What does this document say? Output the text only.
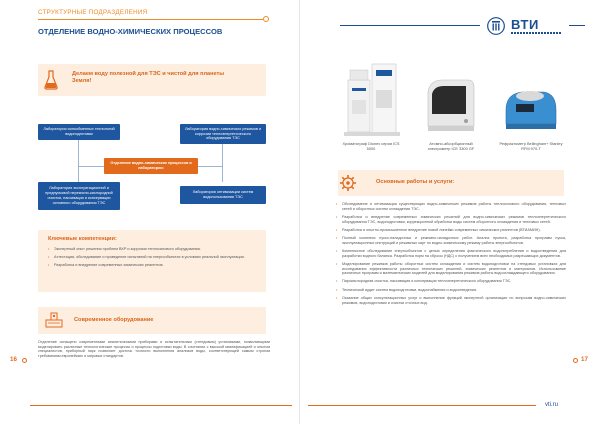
СТРУКТУРНЫЕ ПОДРАЗДЕЛЕНИЯ
ОТДЕЛЕНИЕ ВОДНО-ХИМИЧЕСКИХ ПРОЦЕССОВ
Делаем воду полезной для ТЭС и чистой для планеты Земля!
Лаборатория ионообменных технологий водоподготовки
Лаборатория водно-химических режимов и коррозии теплоэнергетического оборудования ТЭС
Отделение водно-химических процессов и лаборатории:
Лаборатория эксплуатационной и предпусковой перекисно-кислородной очистки, пассивации и консервации основного оборудования ТЭС
Лаборатория оптимизации систем водопользования ТЭС
Ключевые компетенции:
• Экспертный опыт решения проблем ВХР и коррозии теплосилового оборудования.
• Аттестация, обследование и проведение испытаний на энергообъектах в условиях реальной эксплуатации.
• Разработка и внедрение современных химических реагентов.
Современное оборудование
Отделение оснащено современными аналитическими приборами и испытательным (стендовым) установками, позволяющими моделировать различные технологические процессы и процессы подготовки воды. В сочетании с высокой квалификацией и опытом специалистов, приборный парк позволяет достичь точности выполнения анализов воды, соответствующей самым строгим требованиям европейских и мировых стандартов.
16
ВТИ
Хроматограф Dionex серии ICS 5000
Атомно-абсорбционный спектрометр ICE 3300 GF
Рефрактометр Bellingham+ Stanley RFM 970-T
Основные работы и услуги:
• Обследование и оптимизация существующих водно-химических режимов работы теплосилового оборудования, тепловых сетей и оборотных систем охлаждения ТЭС.
• Разработка и внедрение современных химических решений для водно-химических режимов теплоэнергетического оборудования ТЭС, водоподготовки, коррекционной обработки воды систем оборотного охлаждения и тепловых сетей.
• Разработка и опытно-промышленное внедрение новой линейки современных химических реагентов (ВТИАМИН).
• Полный комплекс пуско-наладочных и режимно-наладочных работ. Анализ проекта, разработка программ пуска, эксплуатационных инструкций и режимных карт по водно-химическому режиму работы энергообъектов.
• Комплексное обследование энергообъектов с целью определения фактического водопотребления и водоотведения для разработки водного баланса. Разработка норм на сбросы (НДС) с получением всех необходимых разрешающих документов.
• Моделирование режимов работы оборотных систем охлаждения и систем водоподготовки на стендовых установках для исследования эффективности различных технических решений, химических реагентов и материалов. Использование различных программ и математических моделей для моделирования режимов работы водоохлаждающего оборудования.
• Парокислородная очистка, пассивация и консервация теплоэнергетического оборудования ТЭС.
• Технический аудит систем водоподготовки, водоснабжения и водоотведения.
• Оказание общих консультационных услуг и выполнение функций экспертной организации по вопросам водно-химических режимов, водоподготовки и очистки сточных вод.
17
vti.ru
